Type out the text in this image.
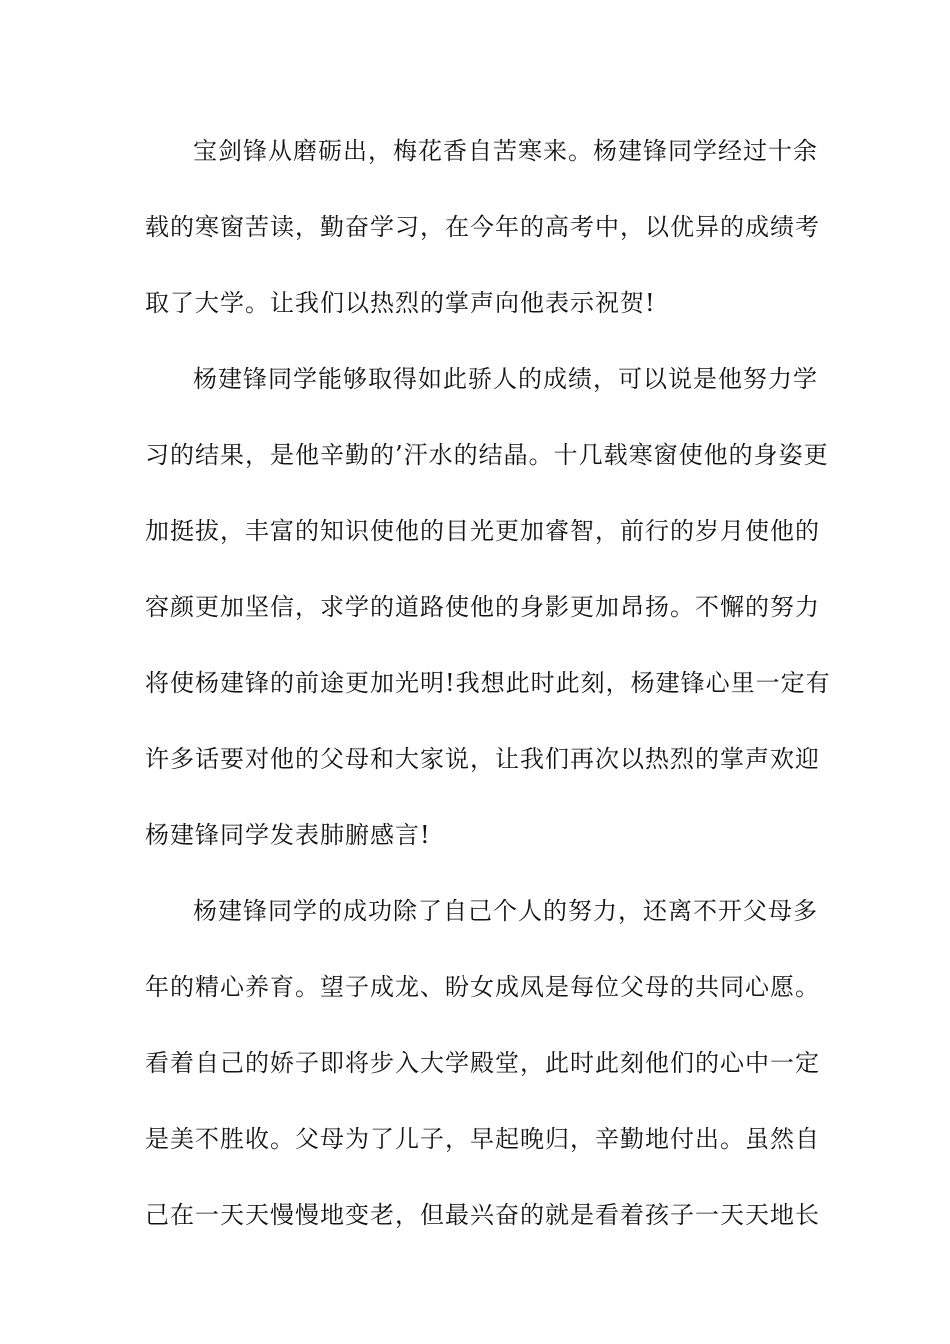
宝剑锋从磨砺出，梅花香自苦寒来。杨建锋同学经过十余
载的寒窗苦读，勤奋学习，在今年的高考中，以优异的成绩考
取了大学。让我们以热烈的掌声向他表示祝贺!
杨建锋同学能够取得如此骄人的成绩，可以说是他努力学
习的结果，是他辛勤的’汗水的结晶。十几载寒窗使他的身姿更
加挺拔，丰富的知识使他的目光更加睿智，前行的岁月使他的
容颜更加坚信，求学的道路使他的身影更加昂扬。不懈的努力
将使杨建锋的前途更加光明!我想此时此刻，杨建锋心里一定有
许多话要对他的父母和大家说，让我们再次以热烈的掌声欢迎
杨建锋同学发表肺腑感言!
杨建锋同学的成功除了自己个人的努力，还离不开父母多
年的精心养育。望子成龙、盼女成凤是每位父母的共同心愿。
看着自己的娇子即将步入大学殿堂，此时此刻他们的心中一定
是美不胜收。父母为了儿子，早起晚归，辛勤地付出。虽然自
己在一天天慢慢地变老，但最兴奋的就是看着孩子一天天地长
